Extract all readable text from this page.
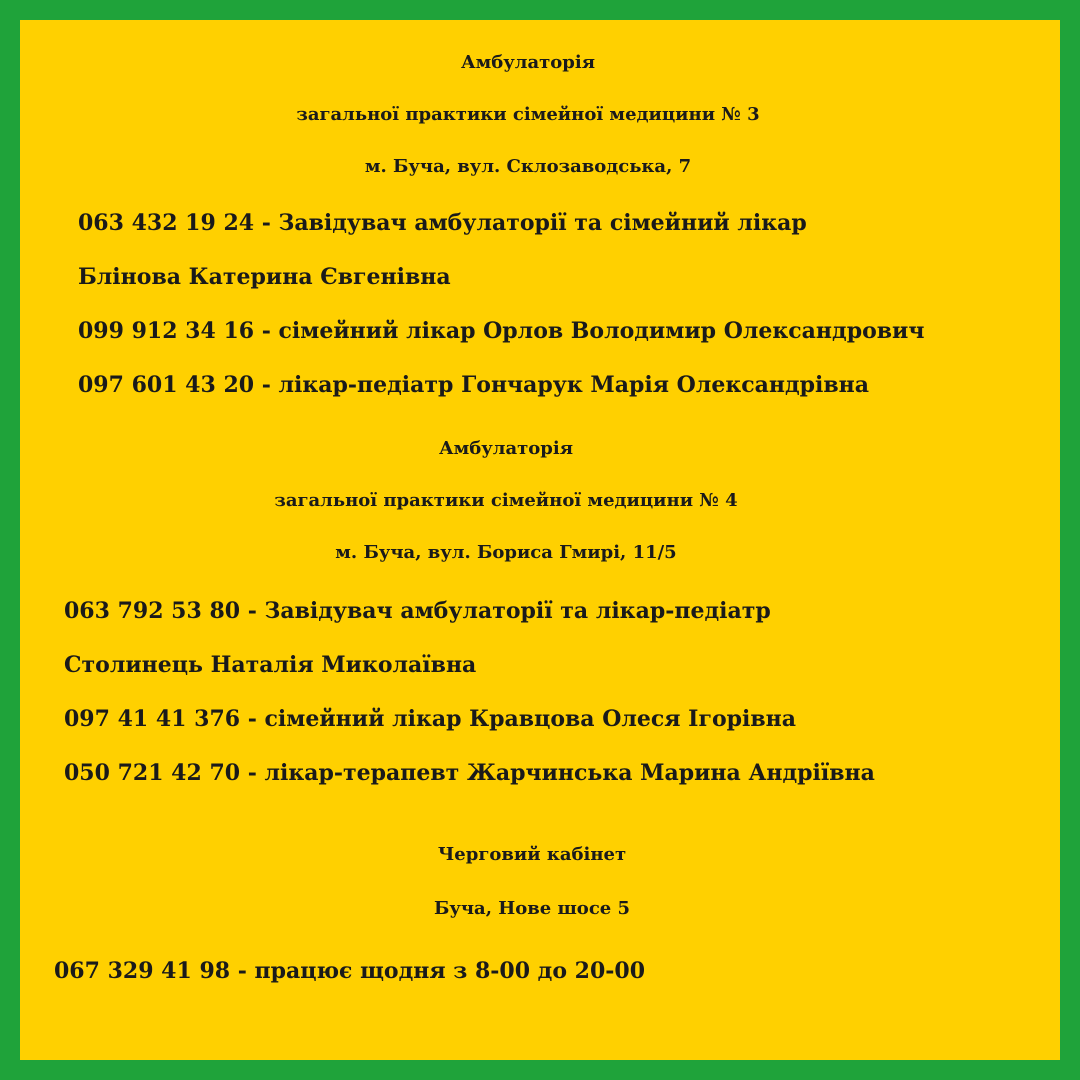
Амбулаторія
загальної практики сімейної медицини № 3
м. Буча, вул. Склозаводська, 7
063 432 19 24 - Завідувач амбулаторії та сімейний лікар
Блінова Катерина Євгенівна
099 912 34 16 - сімейний лікар Орлов Володимир Олександрович
097 601 43 20 - лікар-педіатр Гончарук Марія Олександрівна
Амбулаторія
загальної практики сімейної медицини № 4
м. Буча, вул. Бориса Гмирі, 11/5
063 792 53 80 - Завідувач амбулаторії та лікар-педіатр
Столинець Наталія Миколаївна
097 41 41 376 - сімейний лікар Кравцова Олеся Ігорівна
050 721 42 70 - лікар-терапевт Жарчинська Марина Андріївна
Черговий кабінет
Буча, Нове шосе 5
067 329 41 98 - працює щодня з 8-00 до 20-00
